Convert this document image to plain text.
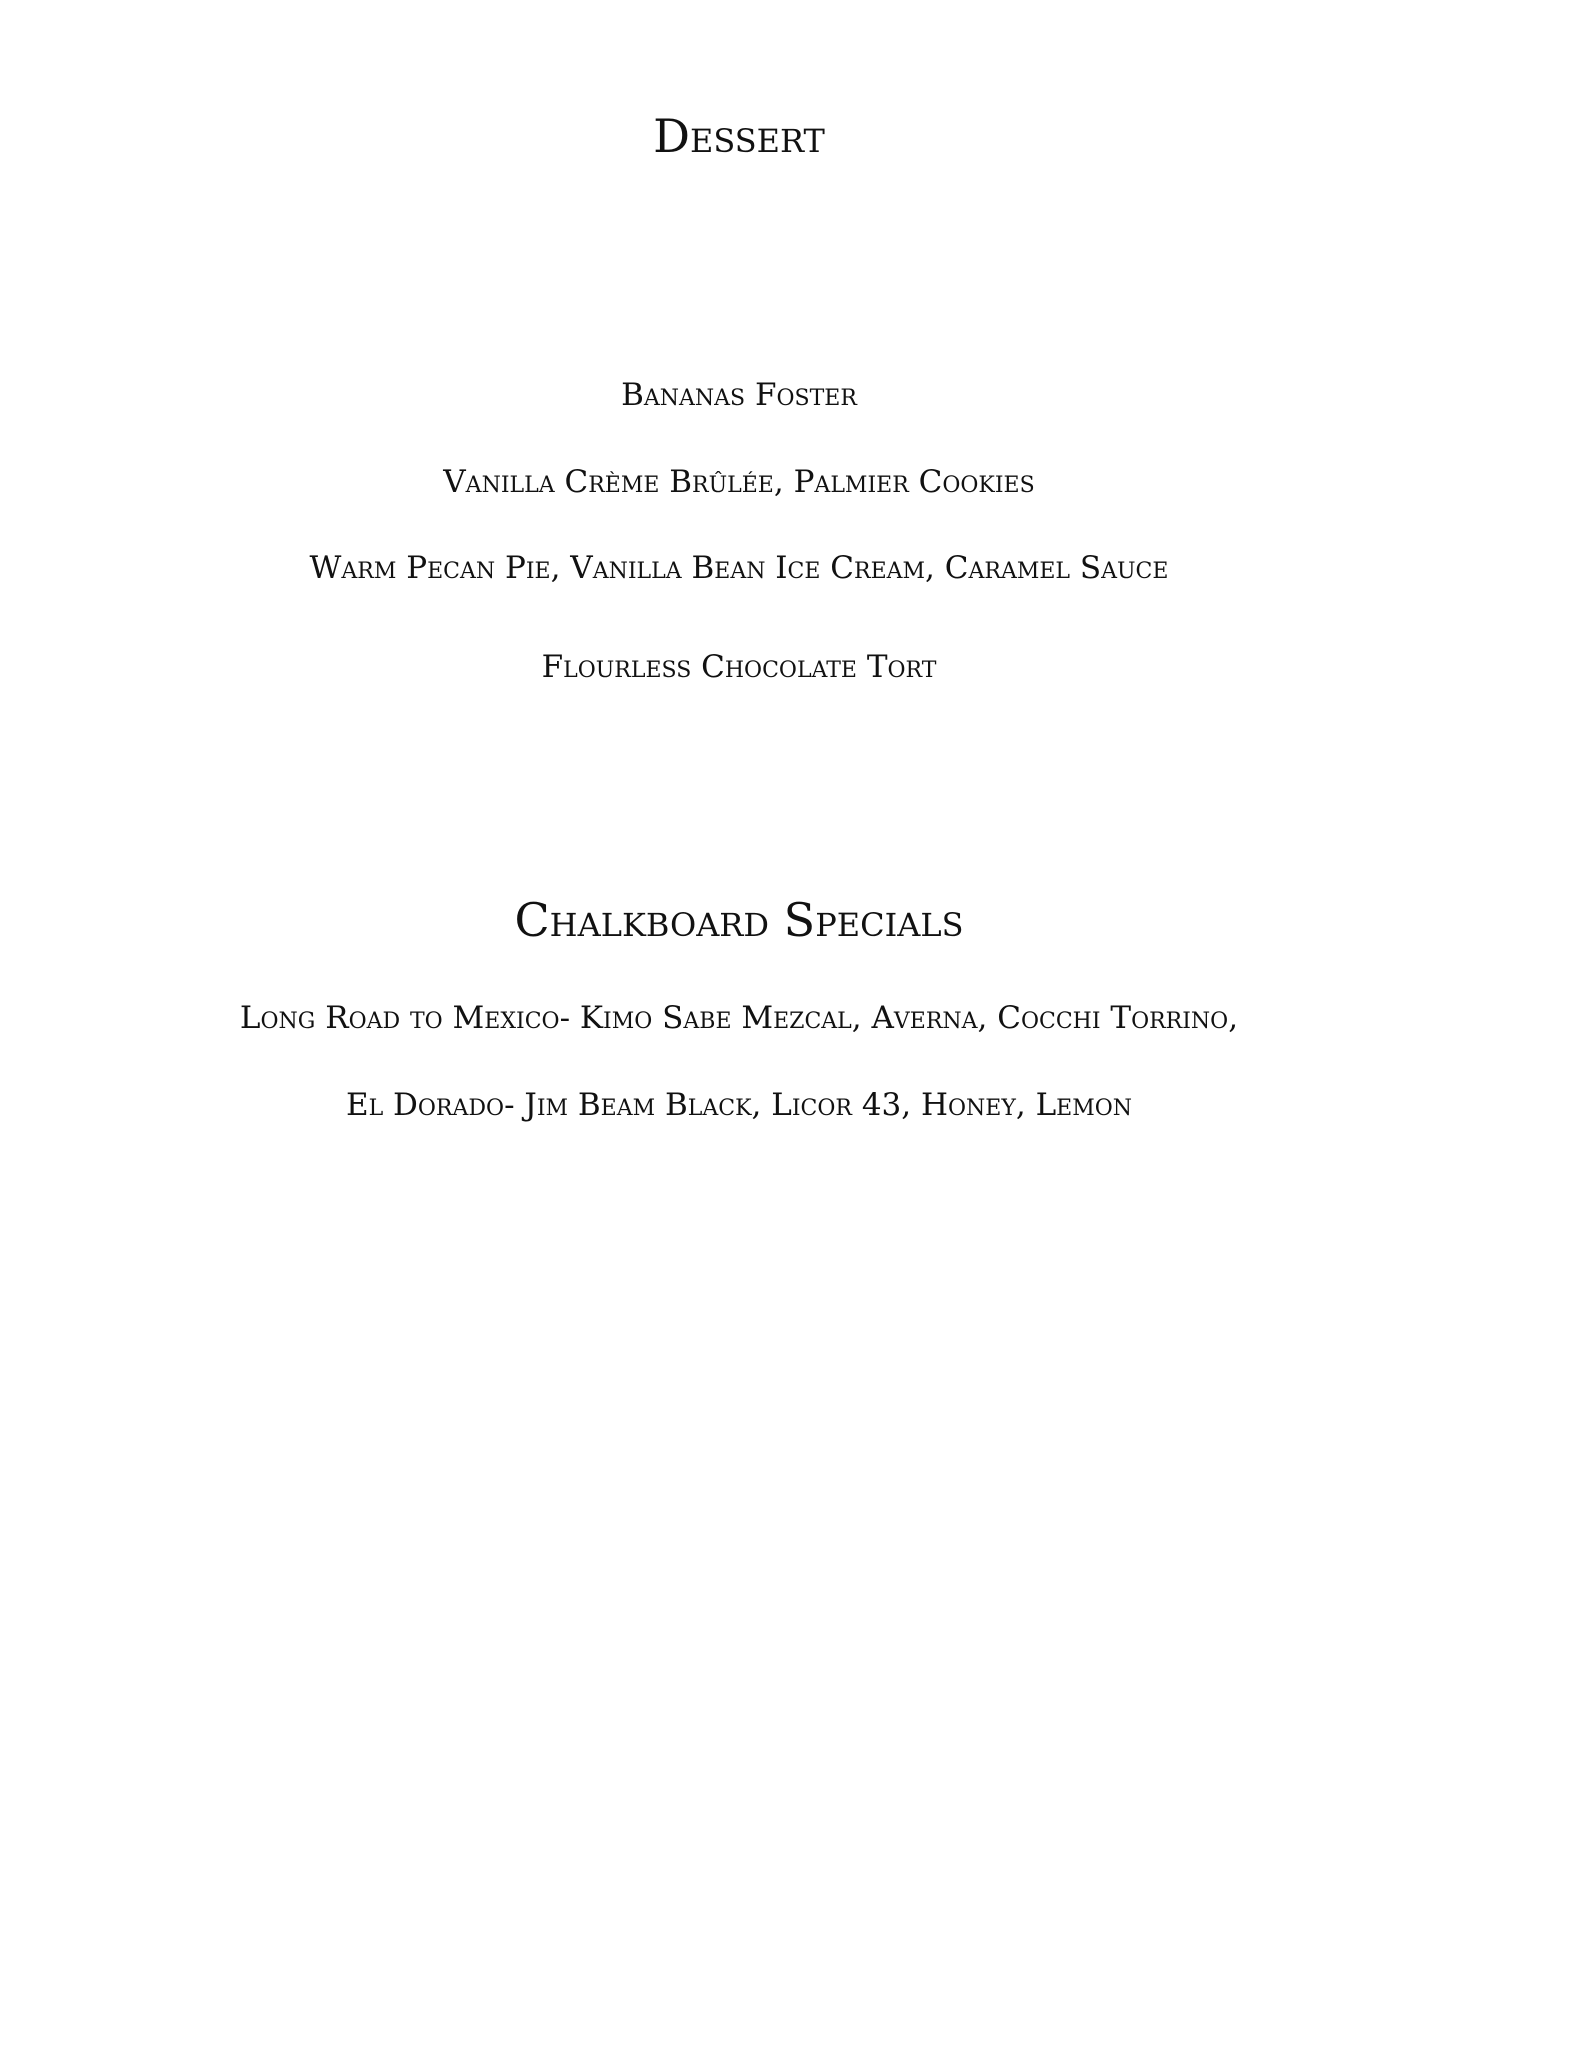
Dessert
Bananas Foster
Vanilla Crème Brûlée, Palmier Cookies
Warm Pecan Pie, Vanilla Bean Ice Cream, Caramel Sauce
Flourless Chocolate Tort
Chalkboard Specials
Long Road to Mexico- Kimo Sabe Mezcal, Averna, Cocchi Torrino,
El Dorado- Jim Beam Black, Licor 43, Honey, Lemon
